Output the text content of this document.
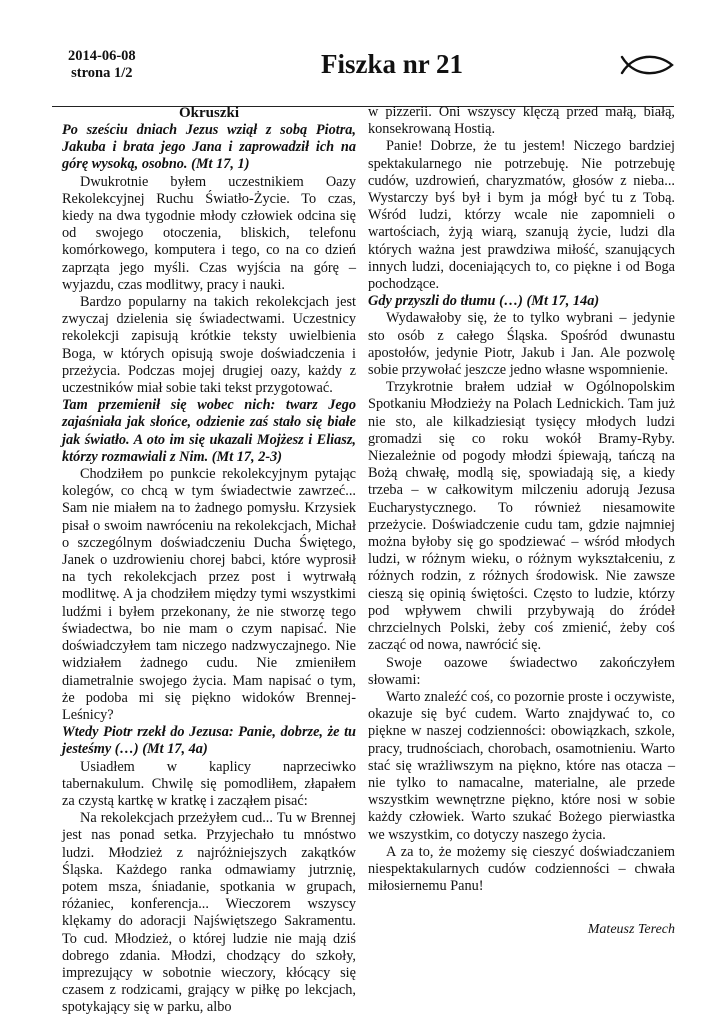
2014-06-08
strona 1/2	Fiszka nr 21
Okruszki

Po sześciu dniach Jezus wziął z sobą Piotra, Jakuba i brata jego Jana i zaprowadził ich na górę wysoką, osobno. (Mt 17, 1)

Dwukrotnie byłem uczestnikiem Oazy Rekolekcyjnej Ruchu Światło-Życie. To czas, kiedy na dwa tygodnie młody człowiek odcina się od swojego otoczenia, bliskich, telefonu komórkowego, komputera i tego, co na co dzień zaprząta jego myśli. Czas wyjścia na górę – wyjazdu, czas modlitwy, pracy i nauki.

Bardzo popularny na takich rekolekcjach jest zwyczaj dzielenia się świadectwami. Uczestnicy rekolekcji zapisują krótkie teksty uwielbienia Boga, w których opisują swoje doświadczenia i przeżycia. Podczas mojej drugiej oazy, każdy z uczestników miał sobie taki tekst przygotować.

Tam przemienił się wobec nich: twarz Jego zajaśniała jak słońce, odzienie zaś stało się białe jak światło. A oto im się ukazali Mojżesz i Eliasz, którzy rozmawiali z Nim. (Mt 17, 2-3)

Chodziłem po punkcie rekolekcyjnym pytając kolegów, co chcą w tym świadectwie zawrzeć... Sam nie miałem na to żadnego pomysłu. Krzysiek pisał o swoim nawróceniu na rekolekcjach, Michał o szczególnym doświadczeniu Ducha Świętego, Janek o uzdrowieniu chorej babci, które wyprosił na tych rekolekcjach przez post i wytrwałą modlitwę. A ja chodziłem między tymi wszystkimi ludźmi i byłem przekonany, że nie stworzę tego świadectwa, bo nie mam o czym napisać. Nie doświadczyłem tam niczego nadzwyczajnego. Nie widziałem żadnego cudu. Nie zmieniłem diametralnie swojego życia. Mam napisać o tym, że podoba mi się piękno widoków Brennej-Leśnicy?

Wtedy Piotr rzekł do Jezusa: Panie, dobrze, że tu jesteśmy (…) (Mt 17, 4a)

Usiadłem w kaplicy naprzeciwko tabernakulum. Chwilę się pomodliłem, złapałem za czystą kartkę w kratkę i zacząłem pisać:

Na rekolekcjach przeżyłem cud... Tu w Brennej jest nas ponad setka. Przyjechało tu mnóstwo ludzi. Młodzież z najróżniejszych zakątków Śląska. Każdego ranka odmawiamy jutrznię, potem msza, śniadanie, spotkania w grupach, różaniec, konferencja... Wieczorem wszyscy klękamy do adoracji Najświętszego Sakramentu. To cud. Młodzież, o której ludzie nie mają dziś dobrego zdania. Młodzi, chodzący do szkoły, imprezujący w sobotnie wieczory, kłócący się czasem z rodzicami, grający w piłkę po lekcjach, spotykający się w parku, albo

w pizzerii. Oni wszyscy klęczą przed małą, białą, konsekrowaną Hostią.

Panie! Dobrze, że tu jestem! Niczego bardziej spektakularnego nie potrzebuję. Nie potrzebuję cudów, uzdrowień, charyzmatów, głosów z nieba... Wystarczy byś był i bym ja mógł być tu z Tobą. Wśród ludzi, którzy wcale nie zapomnieli o wartościach, żyją wiarą, szanują życie, ludzi dla których ważna jest prawdziwa miłość, szanujących innych ludzi, doceniających to, co piękne i od Boga pochodzące.

Gdy przyszli do tłumu (…) (Mt 17, 14a)

Wydawałoby się, że to tylko wybrani – jedynie sto osób z całego Śląska. Spośród dwunastu apostołów, jedynie Piotr, Jakub i Jan. Ale pozwolę sobie przywołać jeszcze jedno własne wspomnienie.

Trzykrotnie brałem udział w Ogólnopolskim Spotkaniu Młodzieży na Polach Lednickich. Tam już nie sto, ale kilkadziesiąt tysięcy młodych ludzi gromadzi się co roku wokół Bramy-Ryby. Niezależnie od pogody młodzi śpiewają, tańczą na Bożą chwałę, modlą się, spowiadają się, a kiedy trzeba – w całkowitym milczeniu adorują Jezusa Eucharystycznego. To również niesamowite przeżycie. Doświadczenie cudu tam, gdzie najmniej można byłoby się go spodziewać – wśród młodych ludzi, w różnym wieku, o różnym wykształceniu, z różnych rodzin, z różnych środowisk. Nie zawsze cieszą się opinią świętości. Często to ludzie, którzy pod wpływem chwili przybywają do źródeł chrzcielnych Polski, żeby coś zmienić, żeby coś zacząć od nowa, nawrócić się.

Swoje oazowe świadectwo zakończyłem słowami:

Warto znaleźć coś, co pozornie proste i oczywiste, okazuje się być cudem. Warto znajdywać to, co piękne w naszej codzienności: obowiązkach, szkole, pracy, trudnościach, chorobach, osamotnieniu. Warto stać się wrażliwszym na piękno, które nas otacza – nie tylko to namacalne, materialne, ale przede wszystkim wewnętrzne piękno, które nosi w sobie każdy człowiek. Warto szukać Bożego pierwiastka we wszystkim, co dotyczy naszego życia.

A za to, że możemy się cieszyć doświadczaniem niespektakularnych cudów codzienności – chwała miłosiernemu Panu!

Mateusz Terech
